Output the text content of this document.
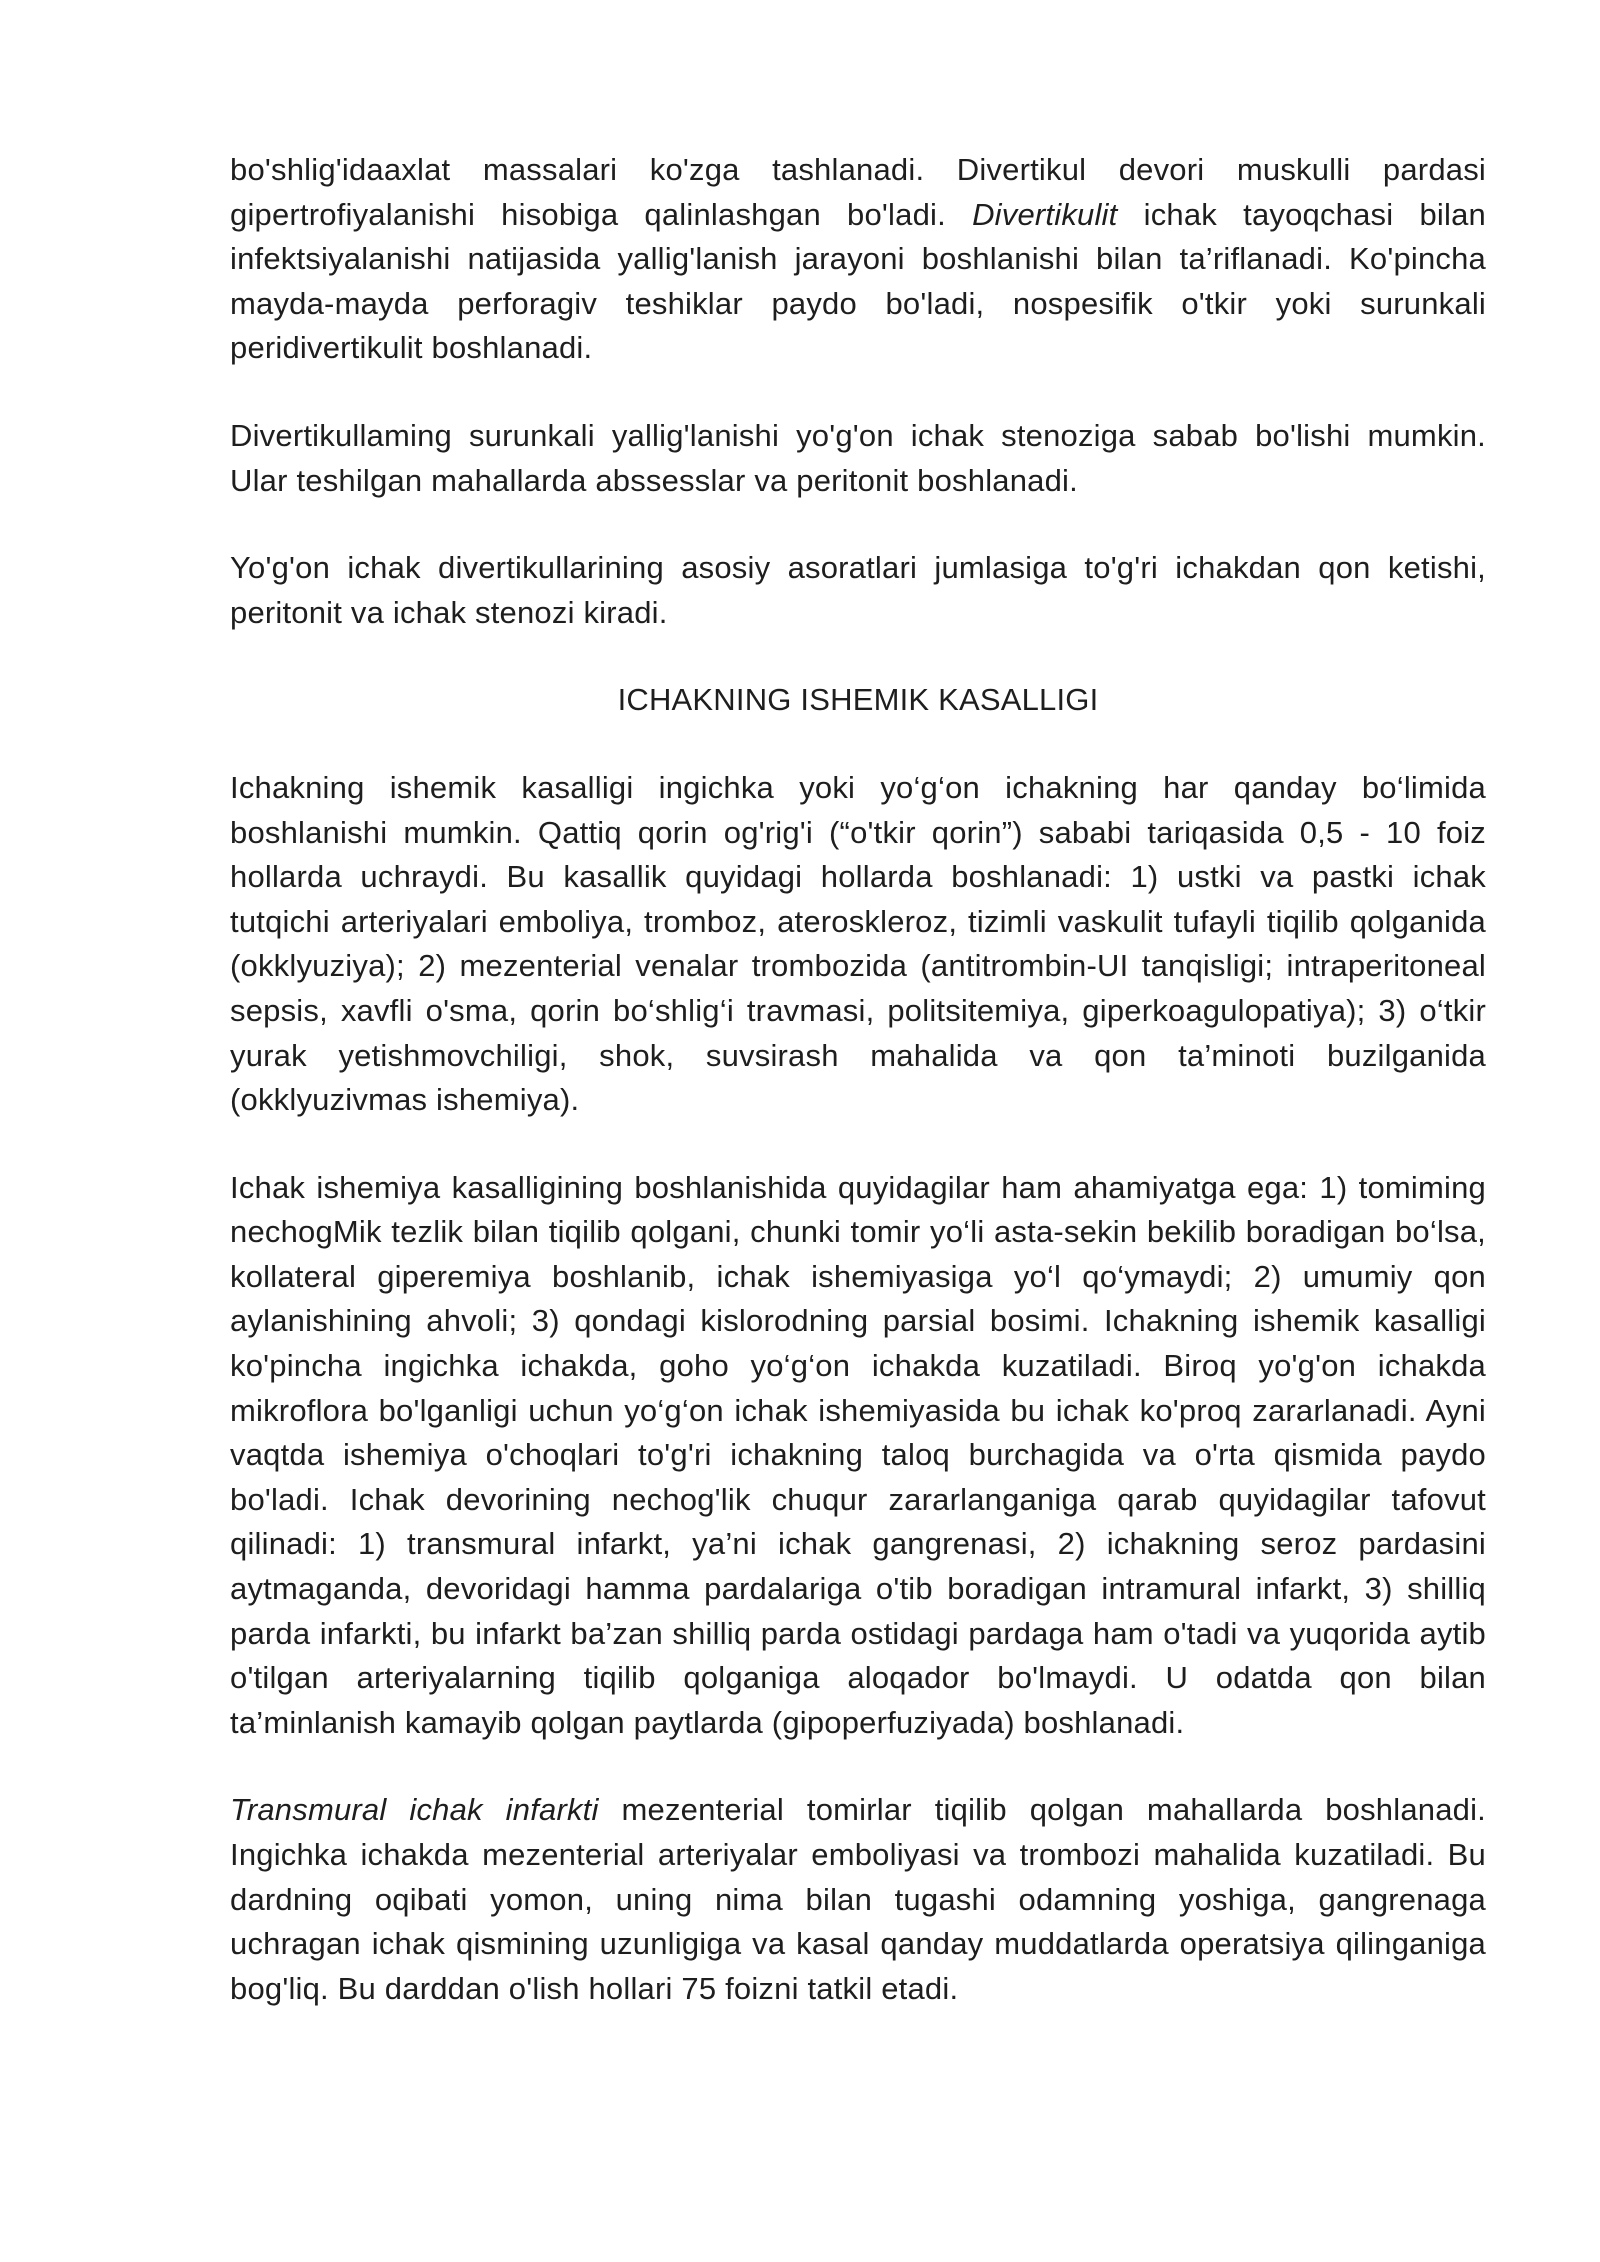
bo'shlig'idaaxlat massalari ko'zga tashlanadi. Divertikul devori muskulli pardasi gipertrofiyalanishi hisobiga qalinlashgan bo'ladi. Divertikulit ichak tayoqchasi bilan infektsiyalanishi natijasida yallig'lanish jarayoni boshlanishi bilan ta’riflanadi. Ko'pincha mayda-mayda perforagiv teshiklar paydo bo'ladi, nospesifik o'tkir yoki surunkali peridivertikulit boshlanadi.

Divertikullaming surunkali yallig'lanishi yo'g'on ichak stenoziga sabab bo'lishi mumkin. Ular teshilgan mahallarda abssesslar va peritonit boshlanadi.

Yo'g'on ichak divertikullarining asosiy asoratlari jumlasiga to'g'ri ichakdan qon ketishi, peritonit va ichak stenozi kiradi.

ICHAKNING ISHEMIK KASALLIGI

Ichakning ishemik kasalligi ingichka yoki yo‘g‘on ichakning har qanday bo‘limida boshlanishi mumkin. Qattiq qorin og'rig'i (“o'tkir qorin”) sababi tariqasida 0,5 - 10 foiz hollarda uchraydi. Bu kasallik quyidagi hollarda boshlanadi: 1) ustki va pastki ichak tutqichi arteriyalari emboliya, tromboz, ateroskleroz, tizimli vaskulit tufayli tiqilib qolganida (okklyuziya); 2) mezenterial venalar trombozida (antitrombin-UI tanqisligi; intraperitoneal sepsis, xavfli o'sma, qorin bo‘shlig‘i travmasi, politsitemiya, giperkoagulopatiya); 3) o‘tkir yurak yetishmovchiligi, shok, suvsirash mahalida va qon ta’minoti buzilganida (okklyuzivmas ishemiya).

Ichak ishemiya kasalligining boshlanishida quyidagilar ham ahamiyatga ega: 1) tomiming nechogMik tezlik bilan tiqilib qolgani, chunki tomir yo‘li asta-sekin bekilib boradigan bo‘lsa, kollateral giperemiya boshlanib, ichak ishemiyasiga yo‘l qo‘ymaydi; 2) umumiy qon aylanishining ahvoli; 3) qondagi kislorodning parsial bosimi. Ichakning ishemik kasalligi ko'pincha ingichka ichakda, goho yo‘g‘on ichakda kuzatiladi. Biroq yo'g'on ichakda mikroflora bo'lganligi uchun yo‘g‘on ichak ishemiyasida bu ichak ko'proq zararlanadi. Ayni vaqtda ishemiya o'choqlari to'g'ri ichakning taloq burchagida va o'rta qismida paydo bo'ladi. Ichak devorining nechog'lik chuqur zararlanganiga qarab quyidagilar tafovut qilinadi: 1) transmural infarkt, ya’ni ichak gangrenasi, 2) ichakning seroz pardasini aytmaganda, devoridagi hamma pardalariga o'tib boradigan intramural infarkt, 3) shilliq parda infarkti, bu infarkt ba’zan shilliq parda ostidagi pardaga ham o'tadi va yuqorida aytib o'tilgan arteriyalarning tiqilib qolganiga aloqador bo'lmaydi. U odatda qon bilan ta’minlanish kamayib qolgan paytlarda (gipoperfuziyada) boshlanadi.

Transmural ichak infarkti mezenterial tomirlar tiqilib qolgan mahallarda boshlanadi. Ingichka ichakda mezenterial arteriyalar emboliyasi va trombozi mahalida kuzatiladi. Bu dardning oqibati yomon, uning nima bilan tugashi odamning yoshiga, gangrenaga uchragan ichak qismining uzunligiga va kasal qanday muddatlarda operatsiya qilinganiga bog'liq. Bu darddan o'lish hollari 75 foizni tatkil etadi.
